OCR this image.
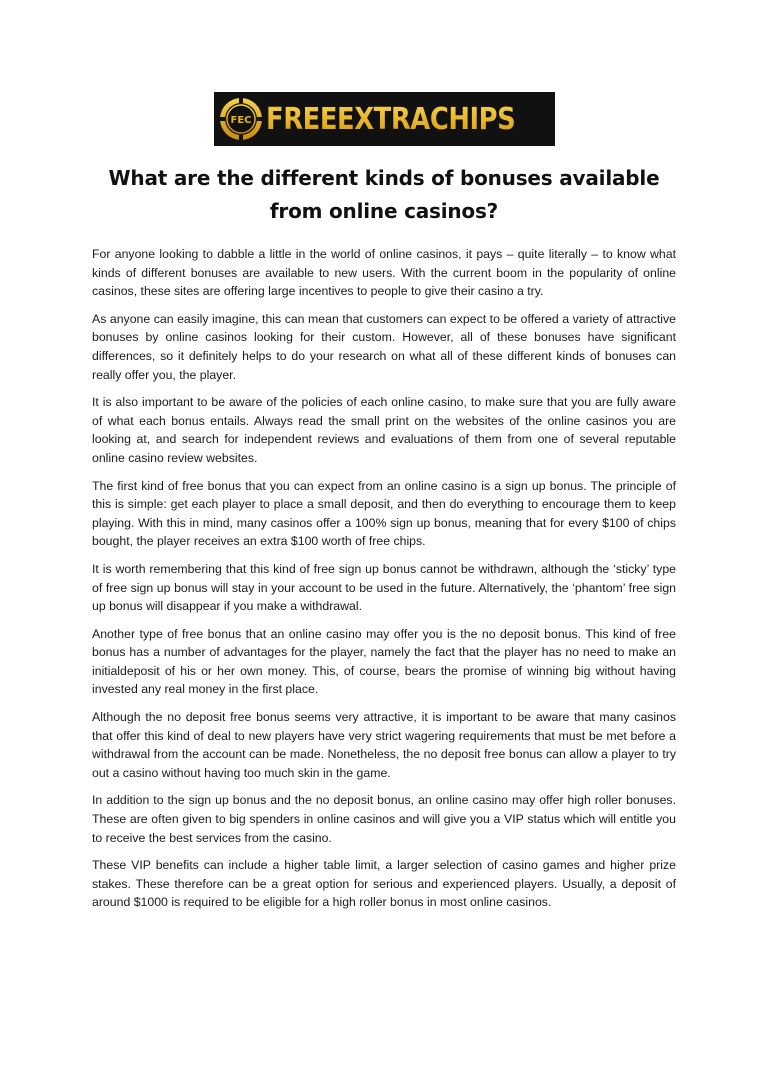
FEC FREEEXTRACHIPS
What are the different kinds of bonuses available from online casinos?

For anyone looking to dabble a little in the world of online casinos, it pays – quite literally – to know what kinds of different bonuses are available to new users. With the current boom in the popularity of online casinos, these sites are offering large incentives to people to give their casino a try.

As anyone can easily imagine, this can mean that customers can expect to be offered a variety of attractive bonuses by online casinos looking for their custom. However, all of these bonuses have significant differences, so it definitely helps to do your research on what all of these different kinds of bonuses can really offer you, the player.

It is also important to be aware of the policies of each online casino, to make sure that you are fully aware of what each bonus entails. Always read the small print on the websites of the online casinos you are looking at, and search for independent reviews and evaluations of them from one of several reputable online casino review websites.

The first kind of free bonus that you can expect from an online casino is a sign up bonus. The principle of this is simple: get each player to place a small deposit, and then do everything to encourage them to keep playing. With this in mind, many casinos offer a 100% sign up bonus, meaning that for every $100 of chips bought, the player receives an extra $100 worth of free chips.

It is worth remembering that this kind of free sign up bonus cannot be withdrawn, although the ‘sticky’ type of free sign up bonus will stay in your account to be used in the future. Alternatively, the ‘phantom’ free sign up bonus will disappear if you make a withdrawal.

Another type of free bonus that an online casino may offer you is the no deposit bonus. This kind of free bonus has a number of advantages for the player, namely the fact that the player has no need to make an initialdeposit of his or her own money. This, of course, bears the promise of winning big without having invested any real money in the first place.

Although the no deposit free bonus seems very attractive, it is important to be aware that many casinos that offer this kind of deal to new players have very strict wagering requirements that must be met before a withdrawal from the account can be made. Nonetheless, the no deposit free bonus can allow a player to try out a casino without having too much skin in the game.

In addition to the sign up bonus and the no deposit bonus, an online casino may offer high roller bonuses. These are often given to big spenders in online casinos and will give you a VIP status which will entitle you to receive the best services from the casino.

These VIP benefits can include a higher table limit, a larger selection of casino games and higher prize stakes. These therefore can be a great option for serious and experienced players. Usually, a deposit of around $1000 is required to be eligible for a high roller bonus in most online casinos.
